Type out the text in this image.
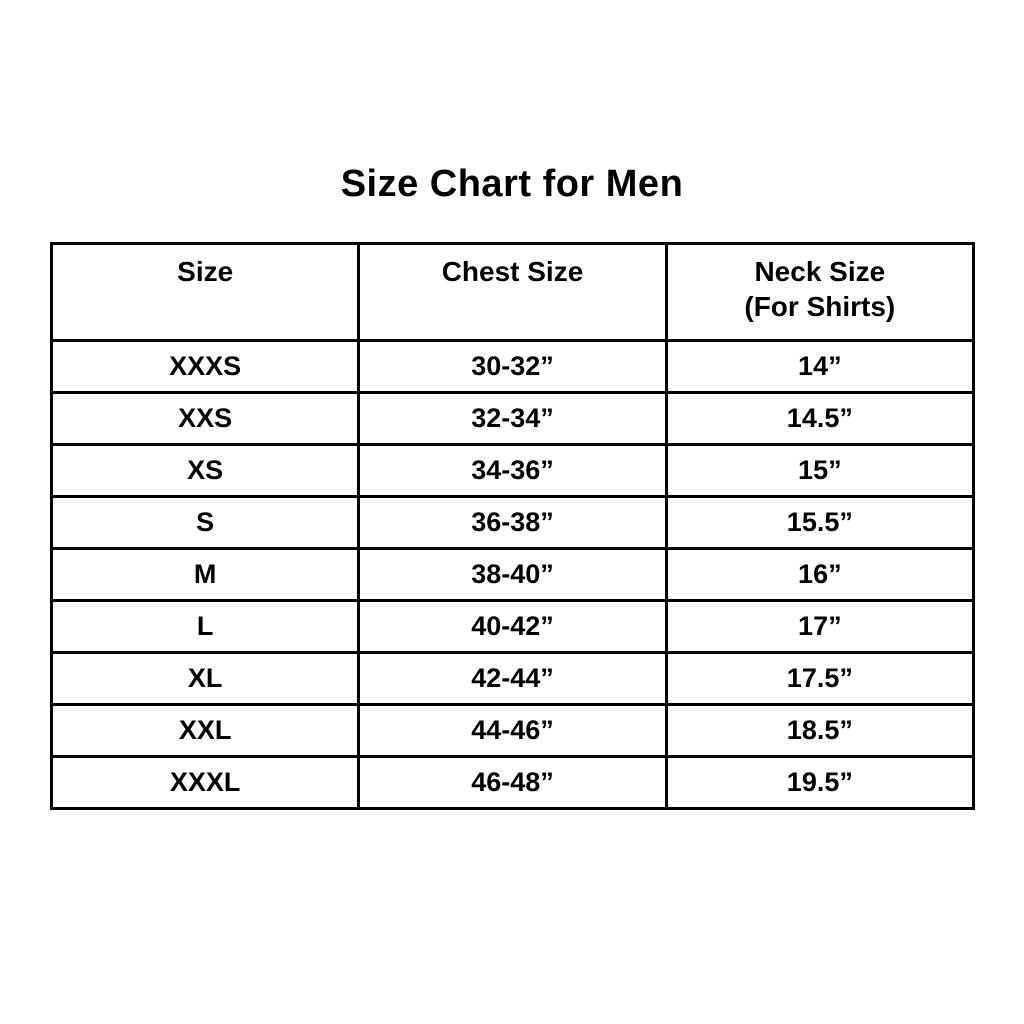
Size Chart for Men
Size	Chest Size	Neck Size
(For Shirts)
XXXS	30-32”	14”
XXS	32-34”	14.5”
XS	34-36”	15”
S	36-38”	15.5”
M	38-40”	16”
L	40-42”	17”
XL	42-44”	17.5”
XXL	44-46”	18.5”
XXXL	46-48”	19.5”
